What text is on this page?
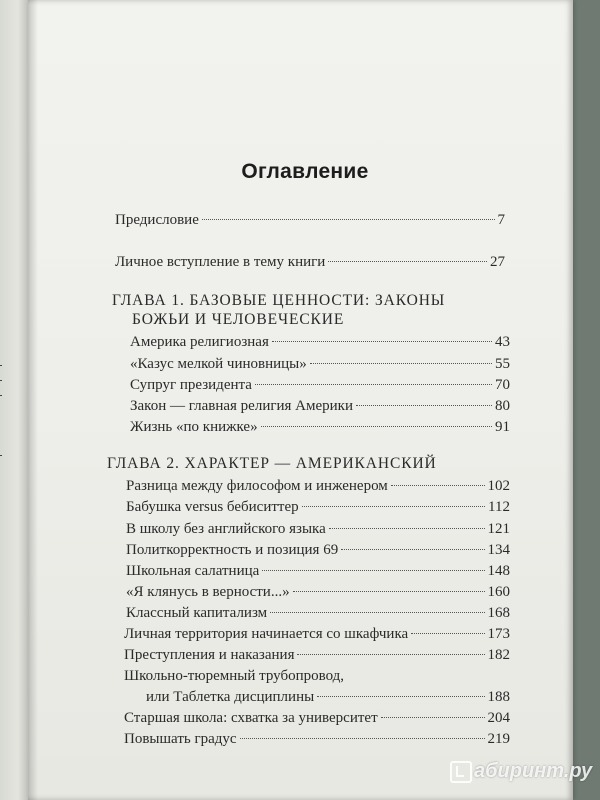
Оглавление
Предисловие	7
Личное вступление в тему книги	27
ГЛАВА 1. БАЗОВЫЕ ЦЕННОСТИ: ЗАКОНЫ
БОЖЬИ И ЧЕЛОВЕЧЕСКИЕ
Америка религиозная	43
«Казус мелкой чиновницы»	55
Супруг президента	70
Закон — главная религия Америки	80
Жизнь «по книжке»	91
ГЛАВА 2. ХАРАКТЕР — АМЕРИКАНСКИЙ
Разница между философом и инженером	102
Бабушка versus бебиситтер	112
В школу без английского языка	121
Политкорректность и позиция 69	134
Школьная салатница	148
«Я клянусь в верности...»	160
Классный капитализм	168
Личная территория начинается со шкафчика	173
Преступления и наказания	182
Школьно-тюремный трубопровод,
или Таблетка дисциплины	188
Старшая школа: схватка за университет	204
Повышать градус	219
абиринт.ру
